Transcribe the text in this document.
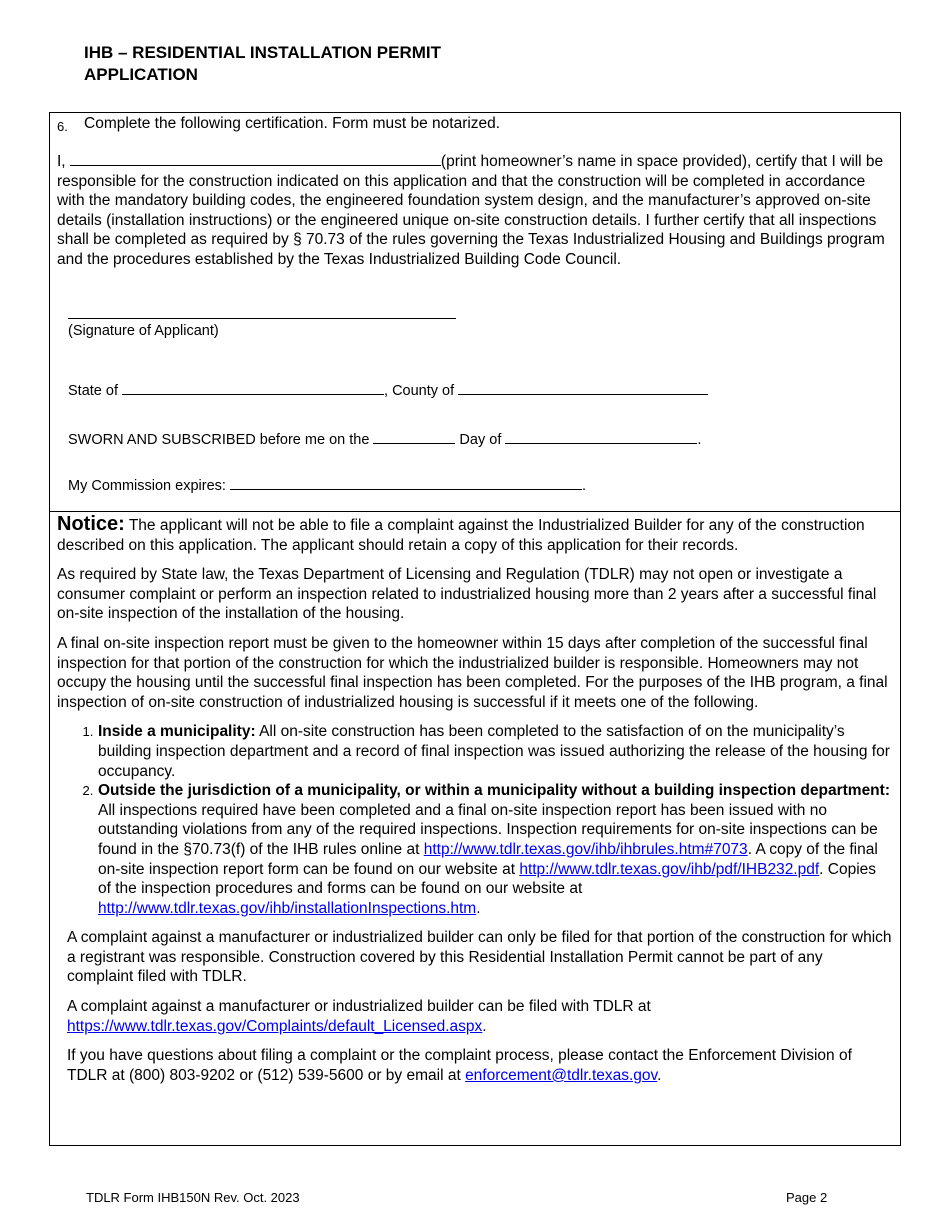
IHB – RESIDENTIAL INSTALLATION PERMIT
APPLICATION
6. Complete the following certification. Form must be notarized.
I,	(print homeowner’s name in space provided), certify that I will be responsible for the construction indicated on this application and that the construction will be completed in accordance with the mandatory building codes, the engineered foundation system design, and the manufacturer’s approved on-site details (installation instructions) or the engineered unique on-site construction details. I further certify that all inspections shall be completed as required by § 70.73 of the rules governing the Texas Industrialized Housing and Buildings program and the procedures established by the Texas Industrialized Building Code Council.
(Signature of Applicant)
State of	, County of
SWORN AND SUBSCRIBED before me on the	Day of	.
My Commission expires:	.

Notice: The applicant will not be able to file a complaint against the Industrialized Builder for any of the construction described on this application. The applicant should retain a copy of this application for their records.

As required by State law, the Texas Department of Licensing and Regulation (TDLR) may not open or investigate a consumer complaint or perform an inspection related to industrialized housing more than 2 years after a successful final on-site inspection of the installation of the housing.

A final on-site inspection report must be given to the homeowner within 15 days after completion of the successful final inspection for that portion of the construction for which the industrialized builder is responsible. Homeowners may not occupy the housing until the successful final inspection has been completed. For the purposes of the IHB program, a final inspection of on-site construction of industrialized housing is successful if it meets one of the following.

1. Inside a municipality: All on-site construction has been completed to the satisfaction of on the municipality’s building inspection department and a record of final inspection was issued authorizing the release of the housing for occupancy.
2. Outside the jurisdiction of a municipality, or within a municipality without a building inspection department: All inspections required have been completed and a final on-site inspection report has been issued with no outstanding violations from any of the required inspections. Inspection requirements for on-site inspections can be found in the §70.73(f) of the IHB rules online at http://www.tdlr.texas.gov/ihb/ihbrules.htm#7073. A copy of the final on-site inspection report form can be found on our website at http://www.tdlr.texas.gov/ihb/pdf/IHB232.pdf. Copies of the inspection procedures and forms can be found on our website at http://www.tdlr.texas.gov/ihb/installationInspections.htm.

A complaint against a manufacturer or industrialized builder can only be filed for that portion of the construction for which a registrant was responsible. Construction covered by this Residential Installation Permit cannot be part of any complaint filed with TDLR.

A complaint against a manufacturer or industrialized builder can be filed with TDLR at https://www.tdlr.texas.gov/Complaints/default_Licensed.aspx.

If you have questions about filing a complaint or the complaint process, please contact the Enforcement Division of TDLR at (800) 803-9202 or (512) 539-5600 or by email at enforcement@tdlr.texas.gov.

TDLR Form IHB150N Rev. Oct. 2023	Page 2
